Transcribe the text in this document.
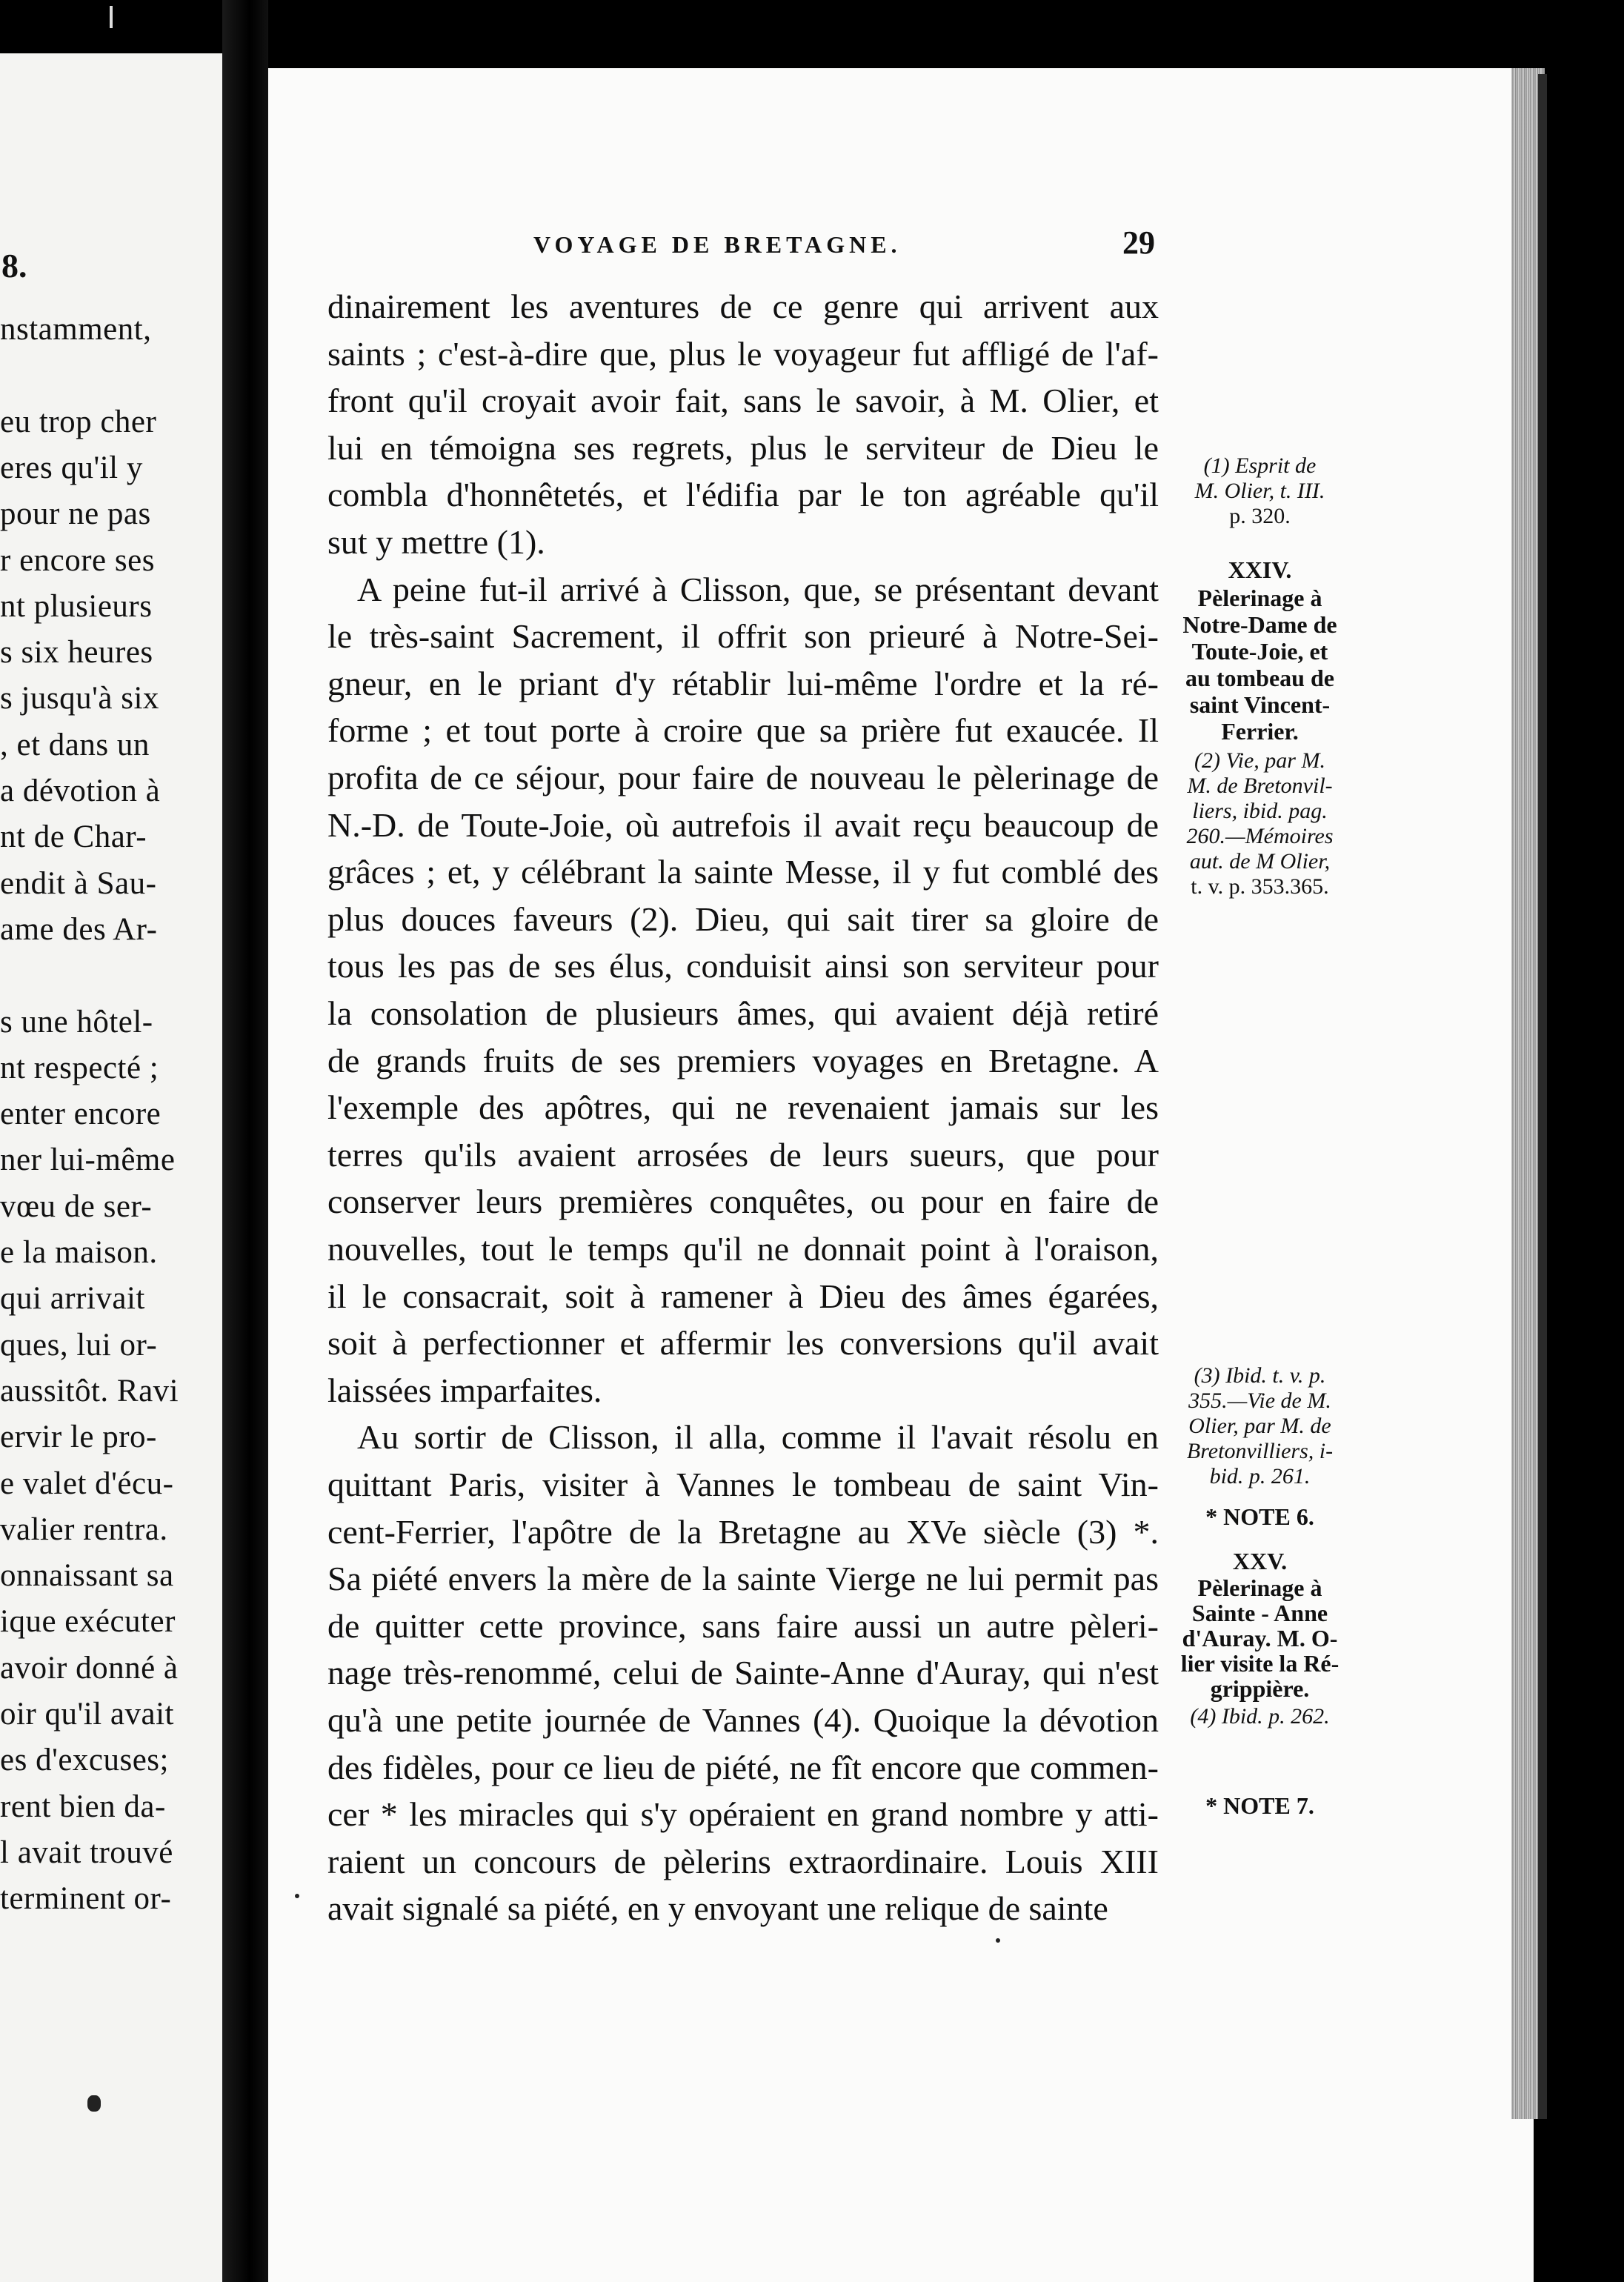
8.
nstamment,
eu trop cher
eres qu'il y
pour ne pas
r encore ses
nt plusieurs
s six heures
s jusqu'à six
, et dans un
a dévotion à
nt de Char-
endit à Sau-
ame des Ar-
s une hôtel-
nt respecté ;
enter encore
ner lui-même
vœu de ser-
e la maison.
qui arrivait
ques, lui or-
aussitôt. Ravi
ervir le pro-
e valet d'écu-
valier rentra.
onnaissant sa
ique exécuter
avoir donné à
oir qu'il avait
es d'excuses;
rent bien da-
l avait trouvé
terminent or-
VOYAGE DE BRETAGNE.	29
dinairement les aventures de ce genre qui arrivent aux
saints ; c'est-à-dire que, plus le voyageur fut affligé de l'af-
front qu'il croyait avoir fait, sans le savoir, à M. Olier, et
lui en témoigna ses regrets, plus le serviteur de Dieu le
combla d'honnêtetés, et l'édifia par le ton agréable qu'il
sut y mettre (1).
A peine fut-il arrivé à Clisson, que, se présentant devant
le très-saint Sacrement, il offrit son prieuré à Notre-Sei-
gneur, en le priant d'y rétablir lui-même l'ordre et la ré-
forme ; et tout porte à croire que sa prière fut exaucée. Il
profita de ce séjour, pour faire de nouveau le pèlerinage de
N.-D. de Toute-Joie, où autrefois il avait reçu beaucoup de
grâces ; et, y célébrant la sainte Messe, il y fut comblé des
plus douces faveurs (2). Dieu, qui sait tirer sa gloire de
tous les pas de ses élus, conduisit ainsi son serviteur pour
la consolation de plusieurs âmes, qui avaient déjà retiré
de grands fruits de ses premiers voyages en Bretagne. A
l'exemple des apôtres, qui ne revenaient jamais sur les
terres qu'ils avaient arrosées de leurs sueurs, que pour
conserver leurs premières conquêtes, ou pour en faire de
nouvelles, tout le temps qu'il ne donnait point à l'oraison,
il le consacrait, soit à ramener à Dieu des âmes égarées,
soit à perfectionner et affermir les conversions qu'il avait
laissées imparfaites.
Au sortir de Clisson, il alla, comme il l'avait résolu en
quittant Paris, visiter à Vannes le tombeau de saint Vin-
cent-Ferrier, l'apôtre de la Bretagne au XVe siècle (3) *.
Sa piété envers la mère de la sainte Vierge ne lui permit pas
de quitter cette province, sans faire aussi un autre pèleri-
nage très-renommé, celui de Sainte-Anne d'Auray, qui n'est
qu'à une petite journée de Vannes (4). Quoique la dévotion
des fidèles, pour ce lieu de piété, ne fît encore que commen-
cer * les miracles qui s'y opéraient en grand nombre y atti-
raient un concours de pèlerins extraordinaire. Louis XIII
avait signalé sa piété, en y envoyant une relique de sainte
(1) Esprit de
M. Olier, t. III.
p. 320.
XXIV.
Pèlerinage à
Notre-Dame de
Toute-Joie, et
au tombeau de
saint Vincent-
Ferrier.
(2) Vie, par M.
M. de Bretonvil-
liers, ibid. pag.
260.—Mémoires
aut. de M Olier,
t. v. p. 353.365.
(3) Ibid. t. v. p.
355.—Vie de M.
Olier, par M. de
Bretonvilliers, i-
bid. p. 261.
* NOTE 6.
XXV.
Pèlerinage à
Sainte - Anne
d'Auray. M. O-
lier visite la Ré-
grippière.
(4) Ibid. p. 262.
* NOTE 7.
